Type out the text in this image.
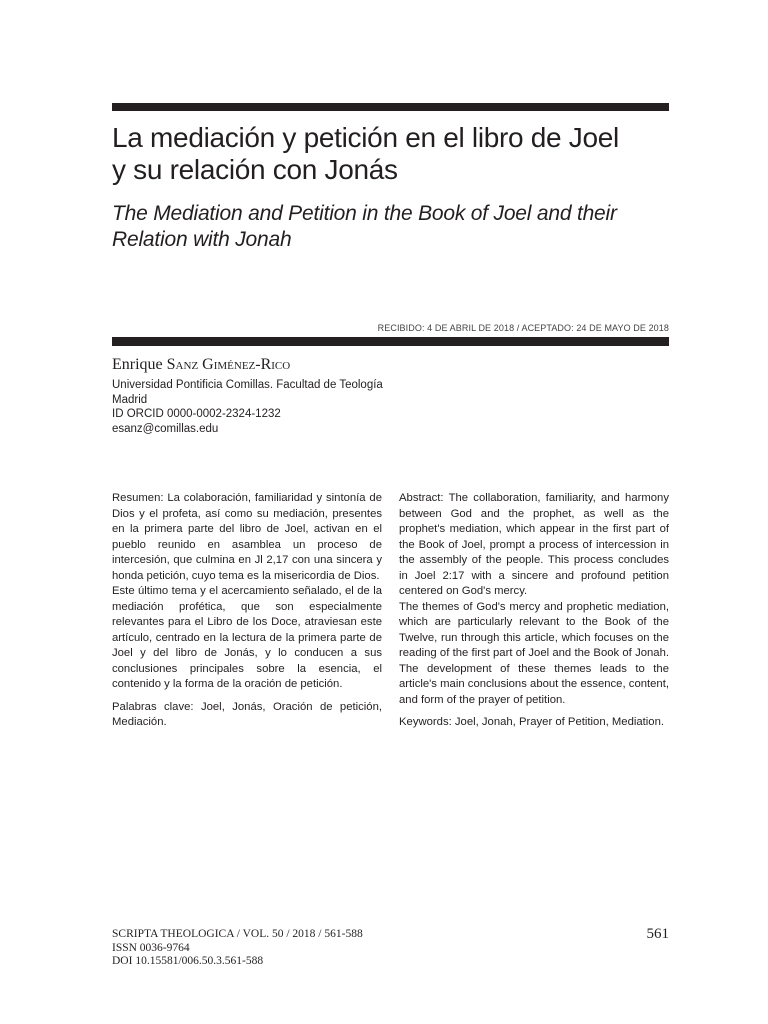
La mediación y petición en el libro de Joel
y su relación con Jonás
The Mediation and Petition in the Book of Joel and their
Relation with Jonah
RECIBIDO: 4 DE ABRIL DE 2018 / ACEPTADO: 24 DE MAYO DE 2018
Enrique Sanz Giménez-Rico
Universidad Pontificia Comillas. Facultad de Teología
Madrid
ID ORCID 0000-0002-2324-1232
esanz@comillas.edu

Resumen: La colaboración, familiaridad y sintonía de Dios y el profeta, así como su mediación, presentes en la primera parte del libro de Joel, activan en el pueblo reunido en asamblea un proceso de intercesión, que culmina en Jl 2,17 con una sincera y honda petición, cuyo tema es la misericordia de Dios.

Este último tema y el acercamiento señalado, el de la mediación profética, que son especialmente relevantes para el Libro de los Doce, atraviesan este artículo, centrado en la lectura de la primera parte de Joel y del libro de Jonás, y lo conducen a sus conclusiones principales sobre la esencia, el contenido y la forma de la oración de petición.

Palabras clave: Joel, Jonás, Oración de petición, Mediación.

Abstract: The collaboration, familiarity, and harmony between God and the prophet, as well as the prophet's mediation, which appear in the first part of the Book of Joel, prompt a process of intercession in the assembly of the people. This process concludes in Joel 2:17 with a sincere and profound petition centered on God's mercy.

The themes of God's mercy and prophetic mediation, which are particularly relevant to the Book of the Twelve, run through this article, which focuses on the reading of the first part of Joel and the Book of Jonah. The development of these themes leads to the article's main conclusions about the essence, content, and form of the prayer of petition.

Keywords: Joel, Jonah, Prayer of Petition, Mediation.

SCRIPTA THEOLOGICA / VOL. 50 / 2018 / 561-588
ISSN 0036-9764
DOI 10.15581/006.50.3.561-588
561
